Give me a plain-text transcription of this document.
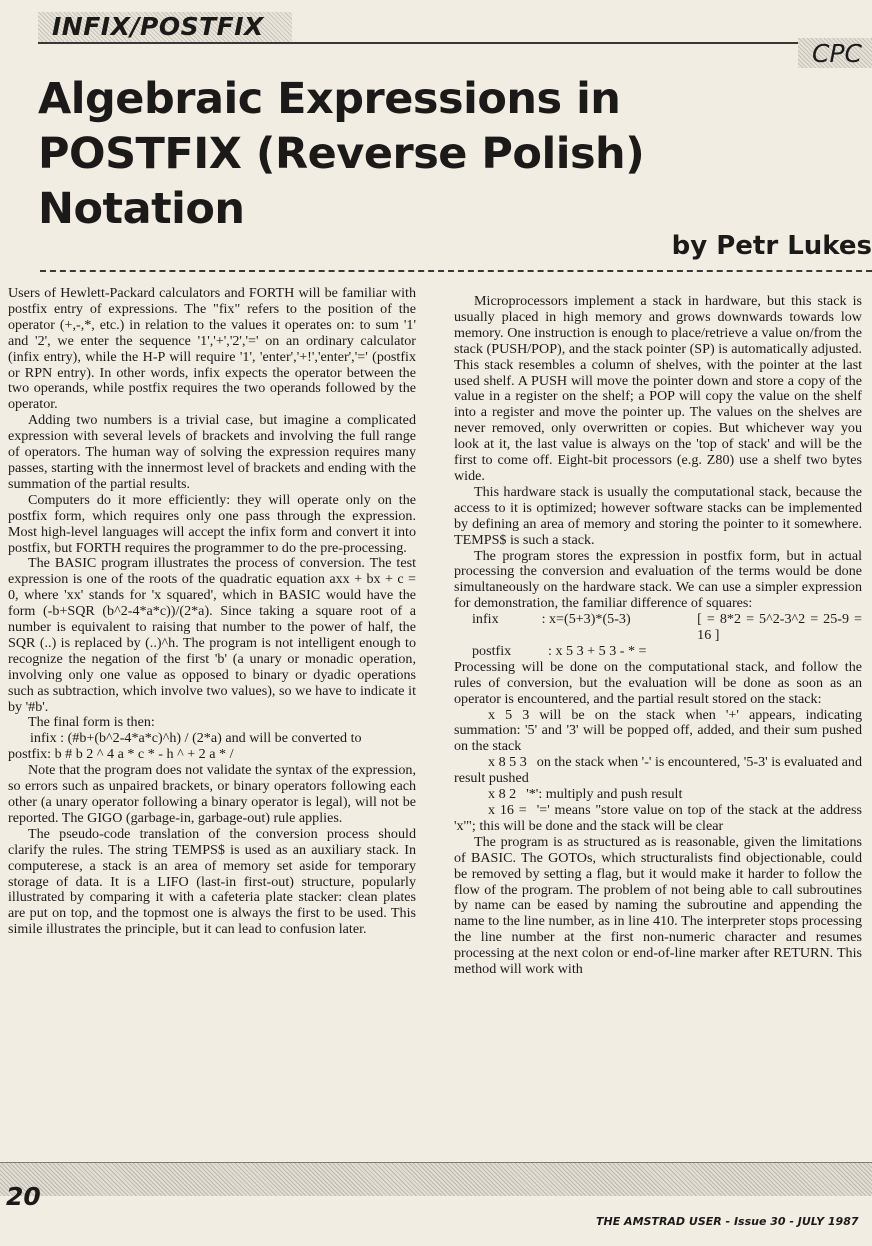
INFIX/POSTFIX
CPC
Algebraic Expressions in POSTFIX (Reverse Polish) Notation
by Petr Lukes

Users of Hewlett-Packard calculators and FORTH will be familiar with postfix entry of expressions. The "fix" refers to the position of the operator (+,-,*, etc.) in relation to the values it operates on: to sum '1' and '2', we enter the sequence '1','+','2','=' on an ordinary calculator (infix entry), while the H-P will require '1', 'enter','+!','enter','=' (postfix or RPN entry). In other words, infix expects the operator between the two operands, while postfix requires the two operands followed by the operator.

Adding two numbers is a trivial case, but imagine a complicated expression with several levels of brackets and involving the full range of operators. The human way of solving the expression requires many passes, starting with the innermost level of brackets and ending with the summation of the partial results.

Computers do it more efficiently: they will operate only on the postfix form, which requires only one pass through the expression. Most high-level languages will accept the infix form and convert it into postfix, but FORTH requires the programmer to do the pre-processing.

The BASIC program illustrates the process of conversion. The test expression is one of the roots of the quadratic equation axx + bx + c = 0, where 'xx' stands for 'x squared', which in BASIC would have the form (-b+SQR (b^2-4*a*c))/(2*a). Since taking a square root of a number is equivalent to raising that number to the power of half, the SQR (..) is replaced by (..)^h. The program is not intelligent enough to recognize the negation of the first 'b' (a unary or monadic operation, involving only one value as opposed to binary or dyadic operations such as subtraction, which involve two values), so we have to indicate it by '#b'.

The final form is then:

infix : (#b+(b^2-4*a*c)^h) / (2*a) and will be converted to

postfix: b # b 2 ^ 4 a * c * - h ^ + 2 a * /

Note that the program does not validate the syntax of the expression, so errors such as unpaired brackets, or binary operators following each other (a unary operator following a binary operator is legal), will not be reported. The GIGO (garbage-in, garbage-out) rule applies.

The pseudo-code translation of the conversion process should clarify the rules. The string TEMPS$ is used as an auxiliary stack. In computerese, a stack is an area of memory set aside for temporary storage of data. It is a LIFO (last-in first-out) structure, popularly illustrated by comparing it with a cafeteria plate stacker: clean plates are put on top, and the topmost one is always the first to be used. This simile illustrates the principle, but it can lead to confusion later.

Microprocessors implement a stack in hardware, but this stack is usually placed in high memory and grows downwards towards low memory. One instruction is enough to place/retrieve a value on/from the stack (PUSH/POP), and the stack pointer (SP) is automatically adjusted. This stack resembles a column of shelves, with the pointer at the last used shelf. A PUSH will move the pointer down and store a copy of the value in a register on the shelf; a POP will copy the value on the shelf into a register and move the pointer up. The values on the shelves are never removed, only overwritten or copies. But whichever way you look at it, the last value is always on the 'top of stack' and will be the first to come off. Eight-bit processors (e.g. Z80) use a shelf two bytes wide.

This hardware stack is usually the computational stack, because the access to it is optimized; however software stacks can be implemented by defining an area of memory and storing the pointer to it somewhere. TEMPS$ is such a stack.

The program stores the expression in postfix form, but in actual processing the conversion and evaluation of the terms would be done simultaneously on the hardware stack. We can use a simpler expression for demonstration, the familiar difference of squares:

infix	: x=(5+3)*(5-3)	[ = 8*2 = 5^2-3^2 = 25-9 = 16 ]
postfix	: x 5 3 + 5 3 - * =

Processing will be done on the computational stack, and follow the rules of conversion, but the evaluation will be done as soon as an operator is encountered, and the partial result stored on the stack:

x 5 3 will be on the stack when '+' appears, indicating summation: '5' and '3' will be popped off, added, and their sum pushed on the stack

x 8 5 3 on the stack when '-' is encountered, '5-3' is evaluated and result pushed

x 8 2 '*': multiply and push result

x 16 = '=' means "store value on top of the stack at the address 'x'"; this will be done and the stack will be clear

The program is as structured as is reasonable, given the limitations of BASIC. The GOTOs, which structuralists find objectionable, could be removed by setting a flag, but it would make it harder to follow the flow of the program. The problem of not being able to call subroutines by name can be eased by naming the subroutine and appending the name to the line number, as in line 410. The interpreter stops processing the line number at the first non-numeric character and resumes processing at the next colon or end-of-line marker after RETURN. This method will work with

20
THE AMSTRAD USER - Issue 30 - JULY 1987
